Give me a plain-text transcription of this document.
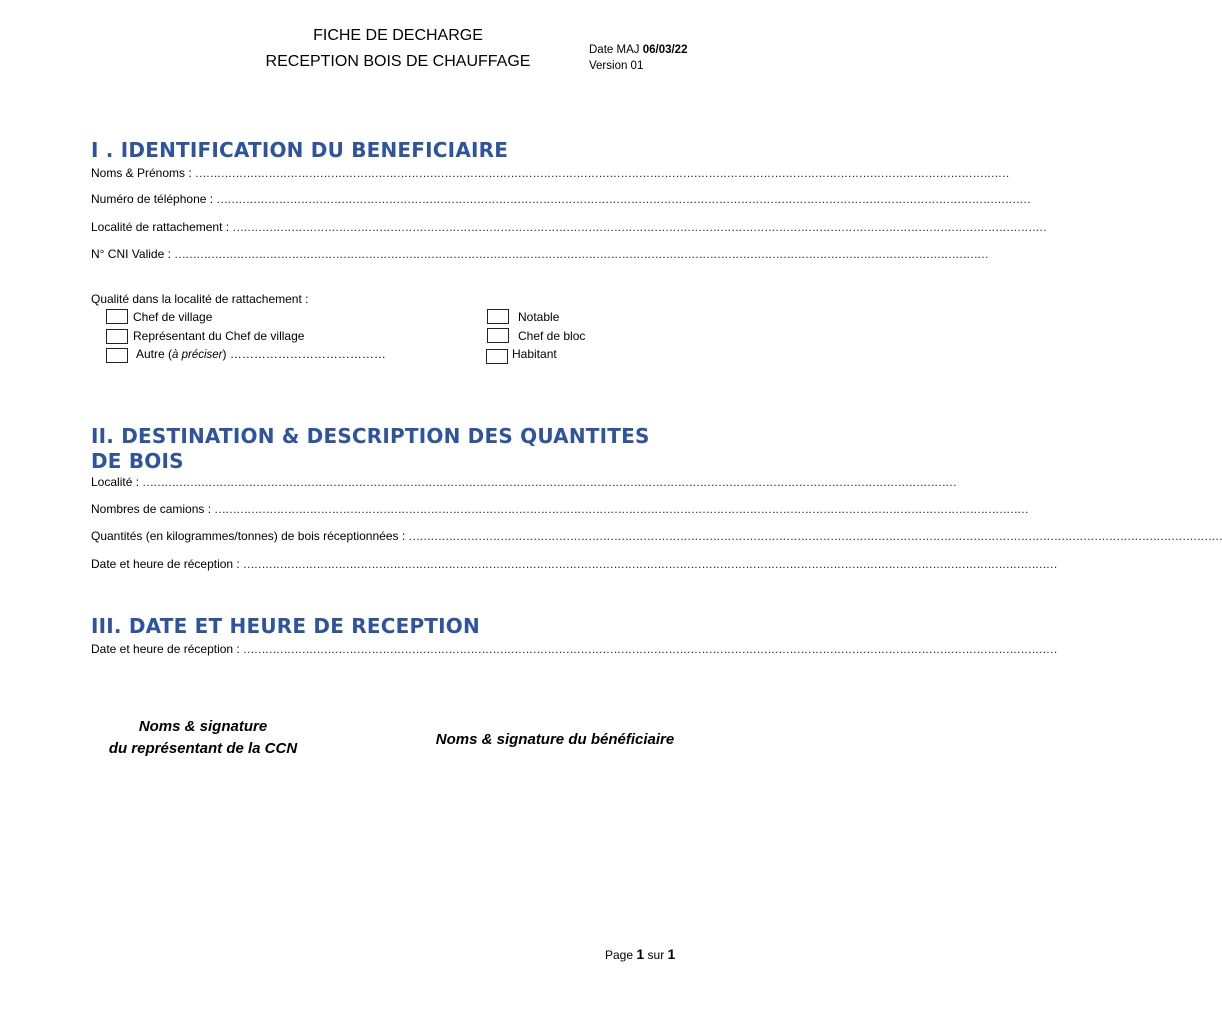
FICHE DE DECHARGE
RECEPTION BOIS DE CHAUFFAGE
Date MAJ 06/03/22
Version 01
I . IDENTIFICATION DU BENEFICIAIRE
Noms & Prénoms : ……………………………………………………………………………………………………………………………………………………………………………………………………
Numéro de téléphone : ……………………………………………………………………………………………………………………………………………………………………………………………………
Localité de rattachement : ……………………………………………………………………………………………………………………………………………………………………………………………………
N° CNI Valide : ……………………………………………………………………………………………………………………………………………………………………………………………………
Qualité dans la localité de rattachement :
Chef de village
Représentant du Chef de village
Autre (à préciser) …………………………………
Notable
Chef de bloc
Habitant
II. DESTINATION & DESCRIPTION DES QUANTITES
DE BOIS
Localité : ……………………………………………………………………………………………………………………………………………………………………………………………………
Nombres de camions : ……………………………………………………………………………………………………………………………………………………………………………………………………
Quantités (en kilogrammes/tonnes) de bois réceptionnées : ……………………………………………………………………………………………………………………………………………………………………………………………………
Date et heure de réception : ……………………………………………………………………………………………………………………………………………………………………………………………………
III. DATE ET HEURE DE RECEPTION
Date et heure de réception : ……………………………………………………………………………………………………………………………………………………………………………………………………
Noms & signature
du représentant de la CCN
Noms & signature du bénéficiaire
Page 1 sur 1
